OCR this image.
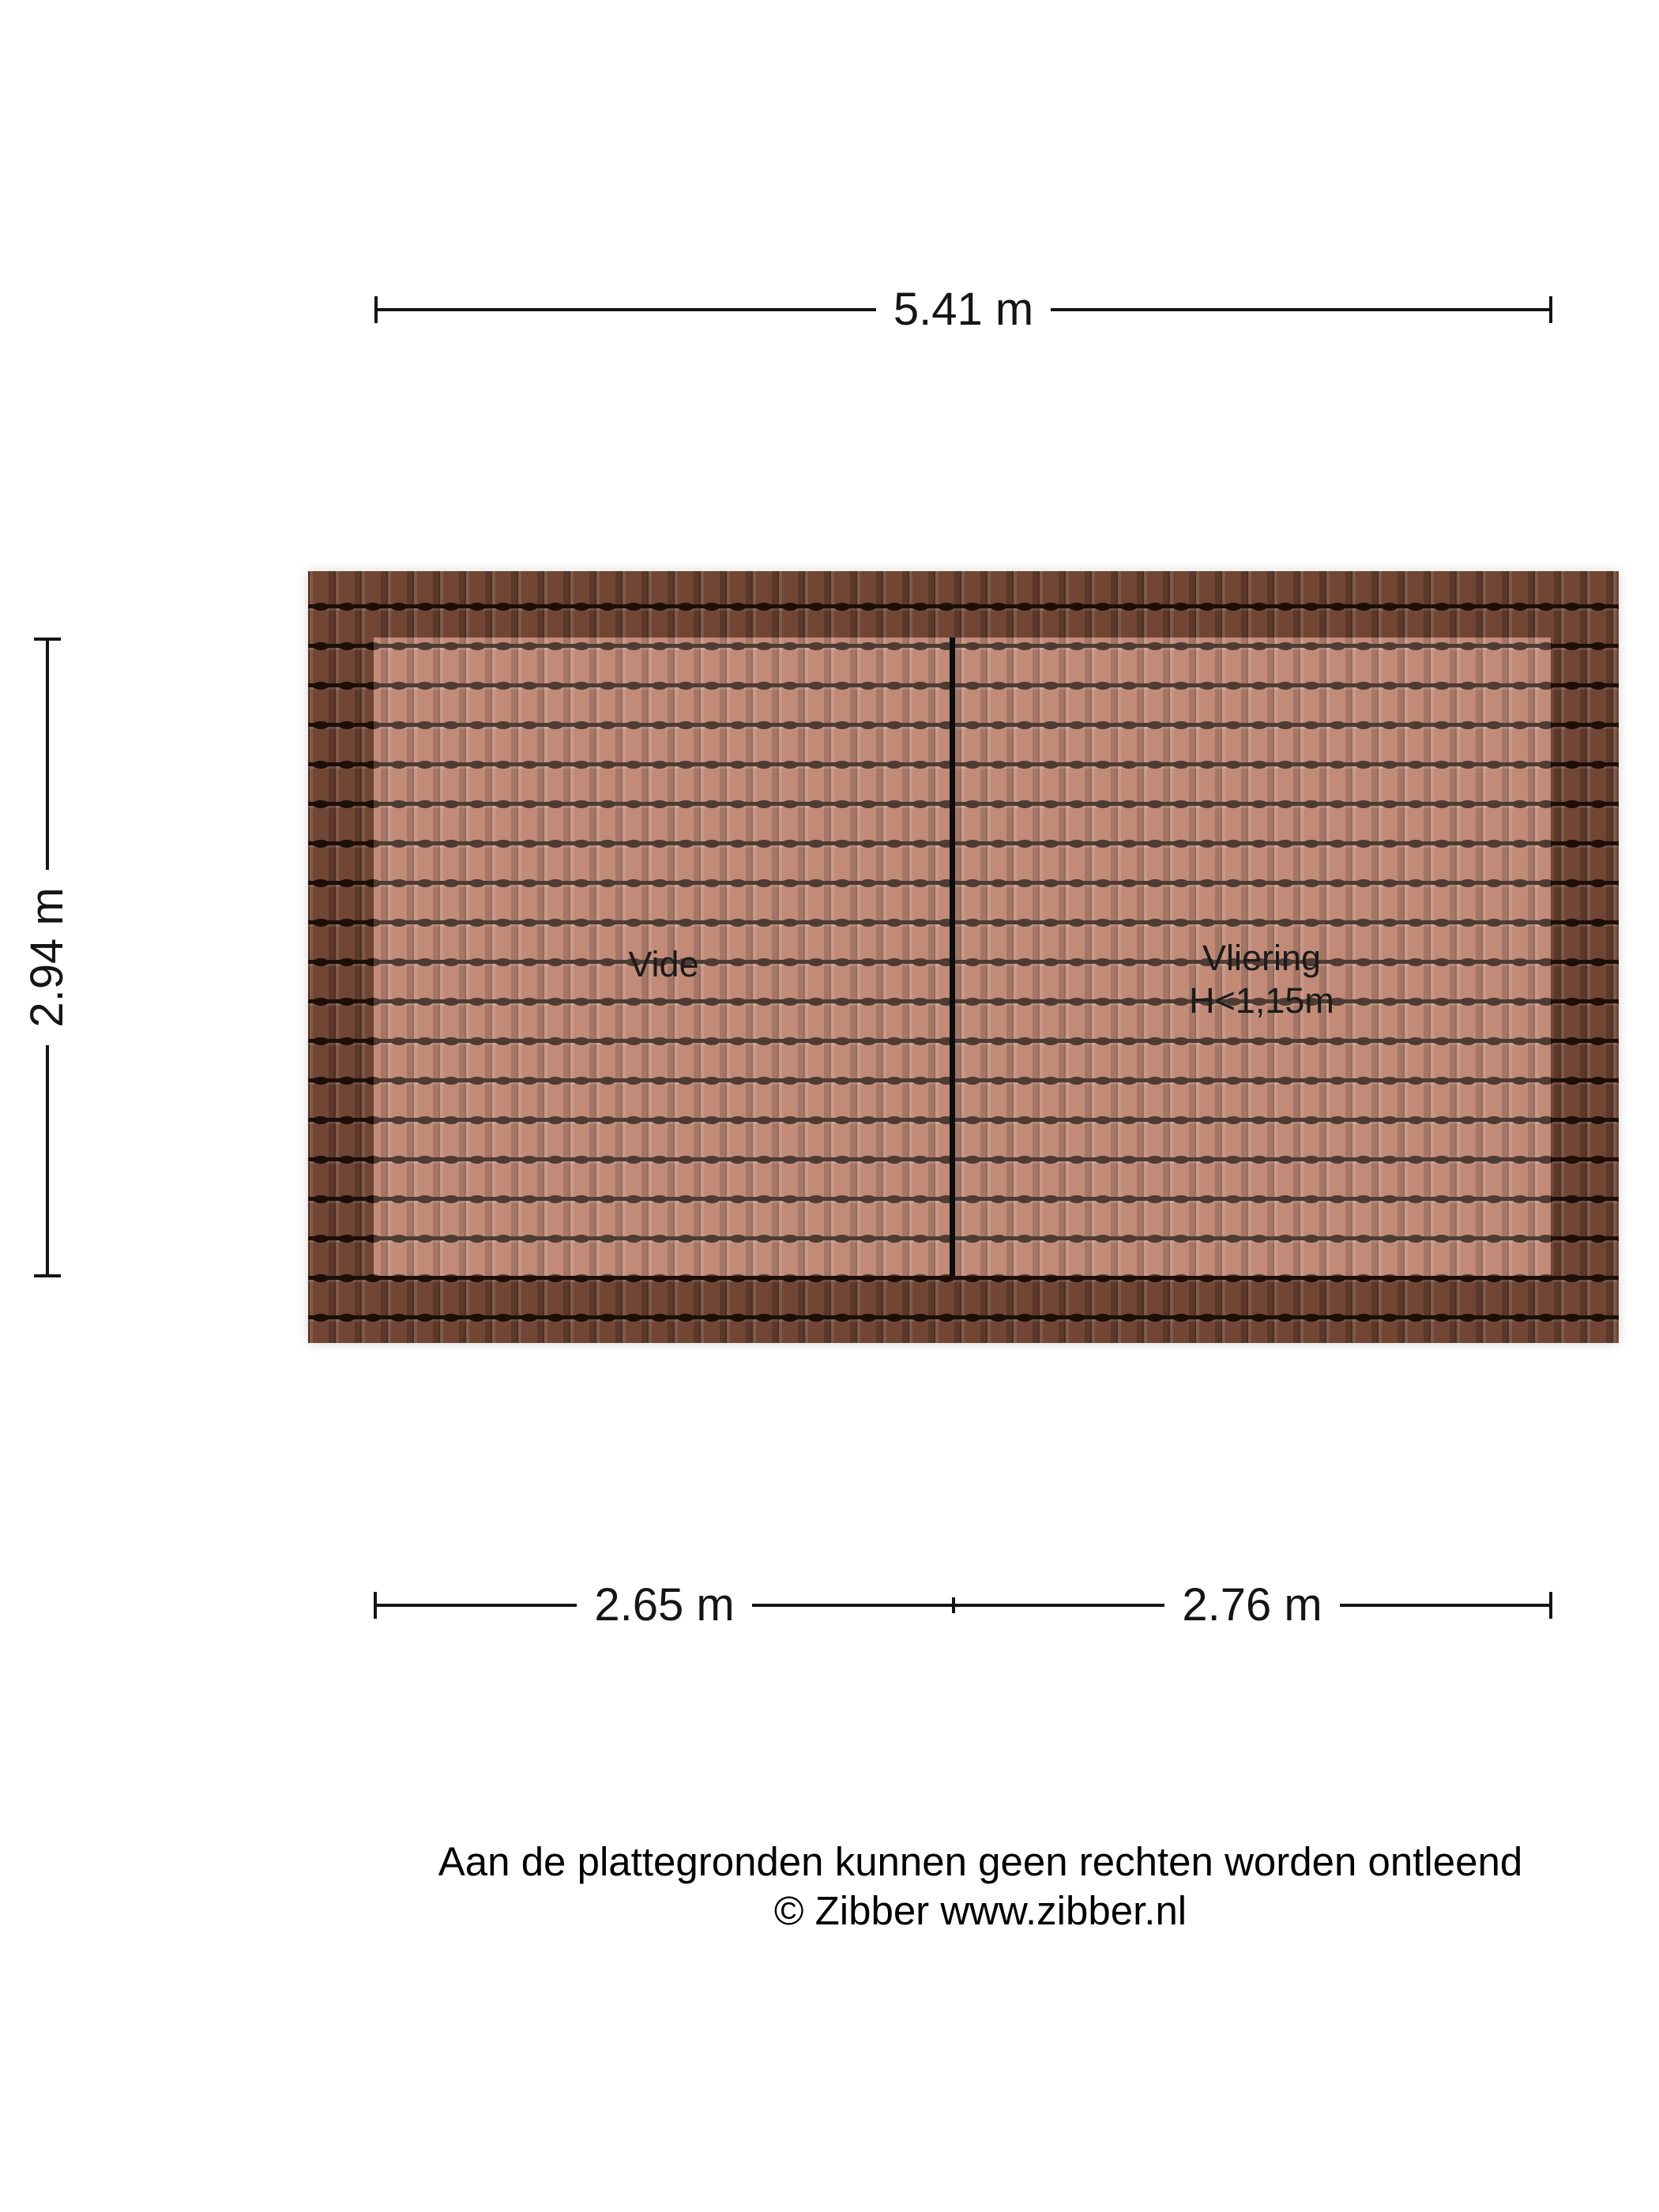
5.41 m
2.94 m	Vide	Vliering
H<1,15m
2.65 m	2.76 m
Aan de plattegronden kunnen geen rechten worden ontleend
© Zibber www.zibber.nl
